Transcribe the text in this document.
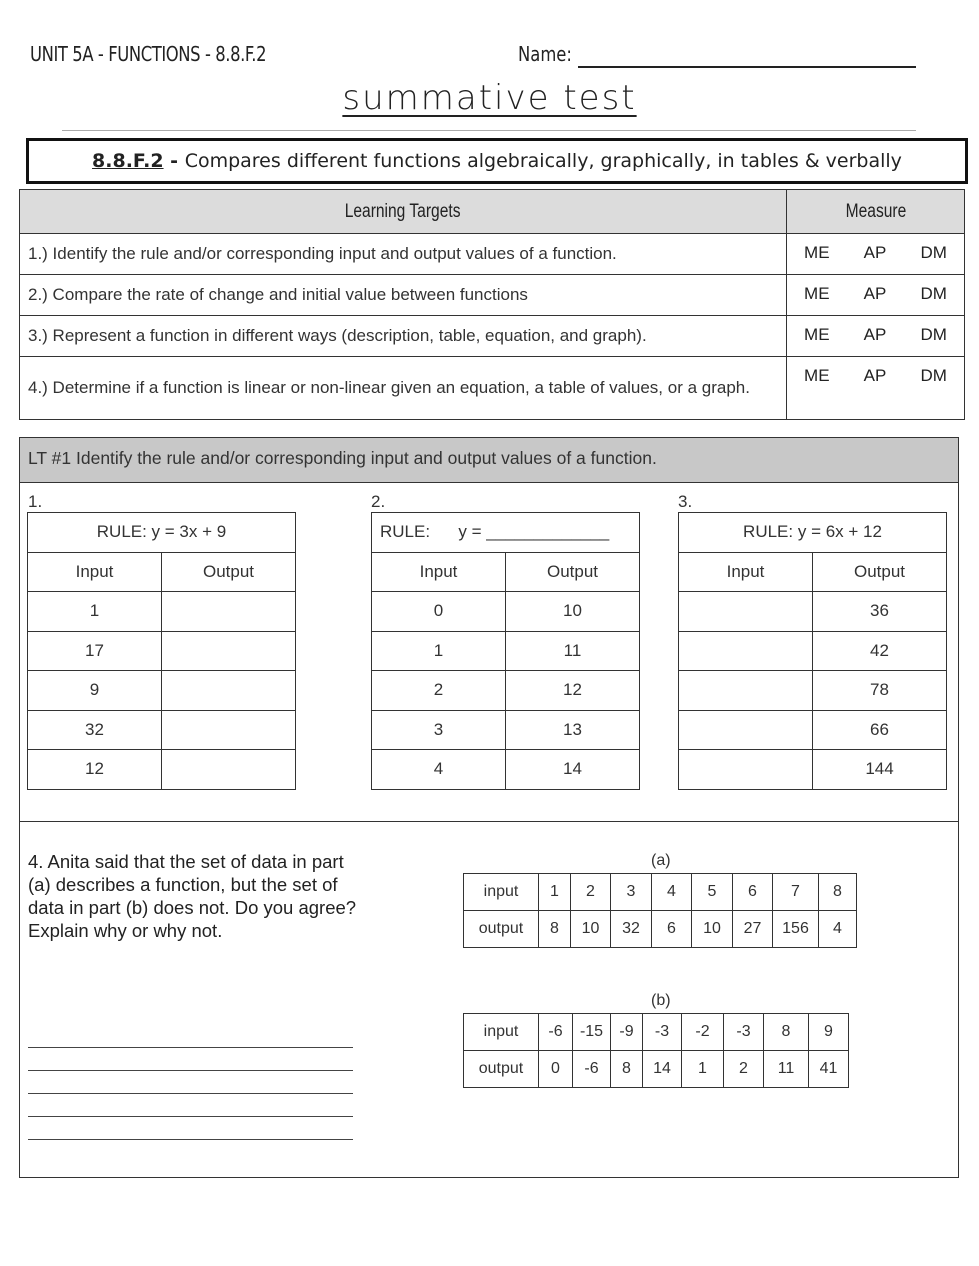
UNIT 5A - FUNCTIONS - 8.8.F.2	Name:
summative test
8.8.F.2 - Compares different functions algebraically, graphically, in tables & verbally
Learning Targets	Measure
1.) Identify the rule and/or corresponding input and output values of a function.	ME AP DM

2.) Compare the rate of change and initial value between functions	ME AP DM

3.) Represent a function in different ways (description, table, equation, and graph).	ME AP DM

4.) Determine if a function is linear or non-linear given an equation, a table of values, or a graph.	ME AP DM
LT #1 Identify the rule and/or corresponding input and output values of a function.
1.	2.	3.
RULE: y = 3x + 9	
Input	Output
1	
17	
9	
32	
12	
RULE:      y = _____________	
Input	Output
0	10
1	11
2	12
3	13
4	14
RULE: y = 6x + 12	
Input	Output
	36
	42
	78
	66
	144
4. Anita said that the set of data in part (a) describes a function, but the set of data in part (b) does not. Do you agree? Explain why or why not.
(a)
input	1	2	3	4	5	6	7	8
output	8	10	32	6	10	27	156	4
(b)
input	-6	-15	-9	-3	-2	-3	8	9
output	0	-6	8	14	1	2	11	41
